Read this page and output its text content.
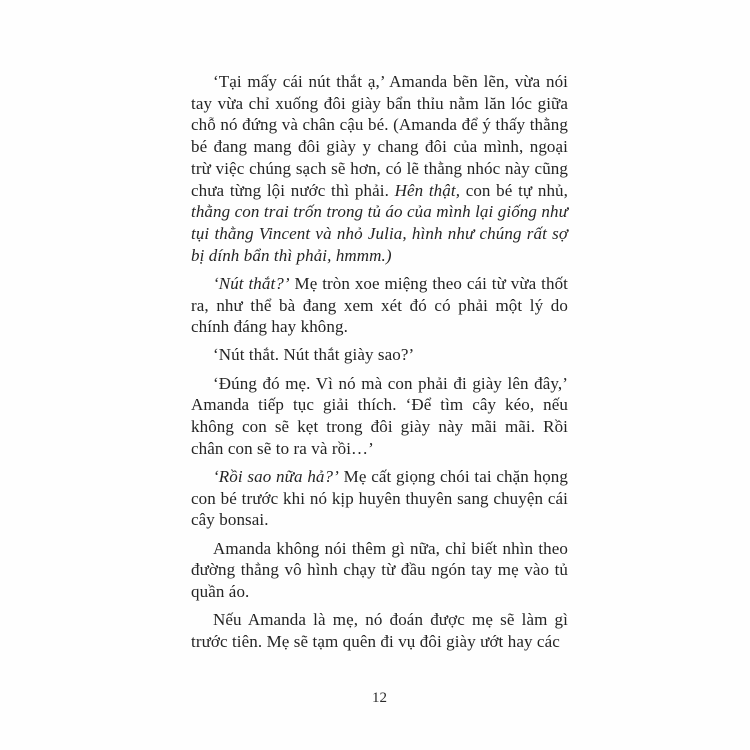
‘Tại mấy cái nút thắt ạ,’ Amanda bẽn lẽn, vừa nói tay vừa chỉ xuống đôi giày bẩn thỉu nằm lăn lóc giữa chỗ nó đứng và chân cậu bé. (Amanda để ý thấy thằng bé đang mang đôi giày y chang đôi của mình, ngoại trừ việc chúng sạch sẽ hơn, có lẽ thằng nhóc này cũng chưa từng lội nước thì phải. Hên thật, con bé tự nhủ, thằng con trai trốn trong tủ áo của mình lại giống như tụi thằng Vincent và nhỏ Julia, hình như chúng rất sợ bị dính bẩn thì phải, hmmm.)

‘Nút thắt?’ Mẹ tròn xoe miệng theo cái từ vừa thốt ra, như thể bà đang xem xét đó có phải một lý do chính đáng hay không.

‘Nút thắt. Nút thắt giày sao?’

‘Đúng đó mẹ. Vì nó mà con phải đi giày lên đây,’ Amanda tiếp tục giải thích. ‘Để tìm cây kéo, nếu không con sẽ kẹt trong đôi giày này mãi mãi. Rồi chân con sẽ to ra và rồi…’

‘Rồi sao nữa hả?’ Mẹ cất giọng chói tai chặn họng con bé trước khi nó kịp huyên thuyên sang chuyện cái cây bonsai.

Amanda không nói thêm gì nữa, chỉ biết nhìn theo đường thẳng vô hình chạy từ đầu ngón tay mẹ vào tủ quần áo.

Nếu Amanda là mẹ, nó đoán được mẹ sẽ làm gì trước tiên. Mẹ sẽ tạm quên đi vụ đôi giày ướt hay các

12
